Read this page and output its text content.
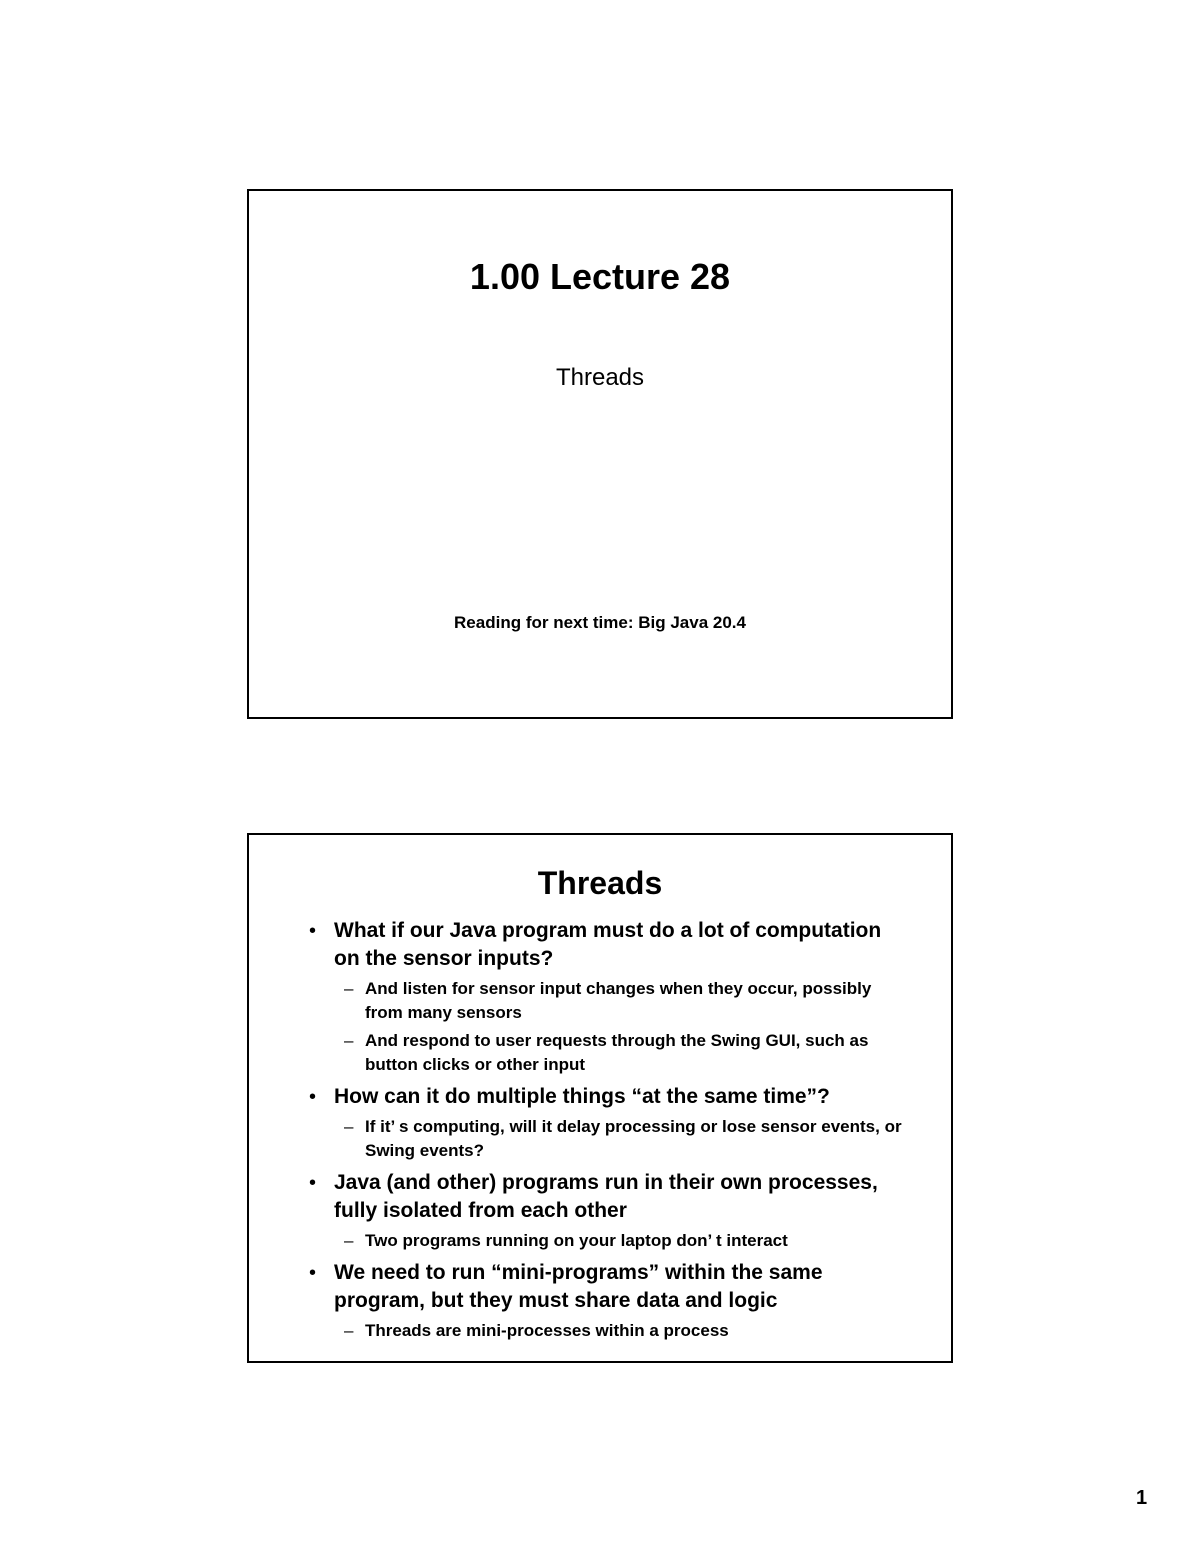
1.00 Lecture 28
Threads
Reading for next time: Big Java 20.4
Threads
• What if our Java program must do a lot of computation on the sensor inputs?
– And listen for sensor input changes when they occur, possibly from many sensors
– And respond to user requests through the Swing GUI, such as button clicks or other input
• How can it do multiple things “at the same time”?
– If it’ s computing, will it delay processing or lose sensor events, or Swing events?
• Java (and other) programs run in their own processes, fully isolated from each other
– Two programs running on your laptop don’ t interact
• We need to run “mini-programs” within the same program, but they must share data and logic
– Threads are mini-processes within a process
1
